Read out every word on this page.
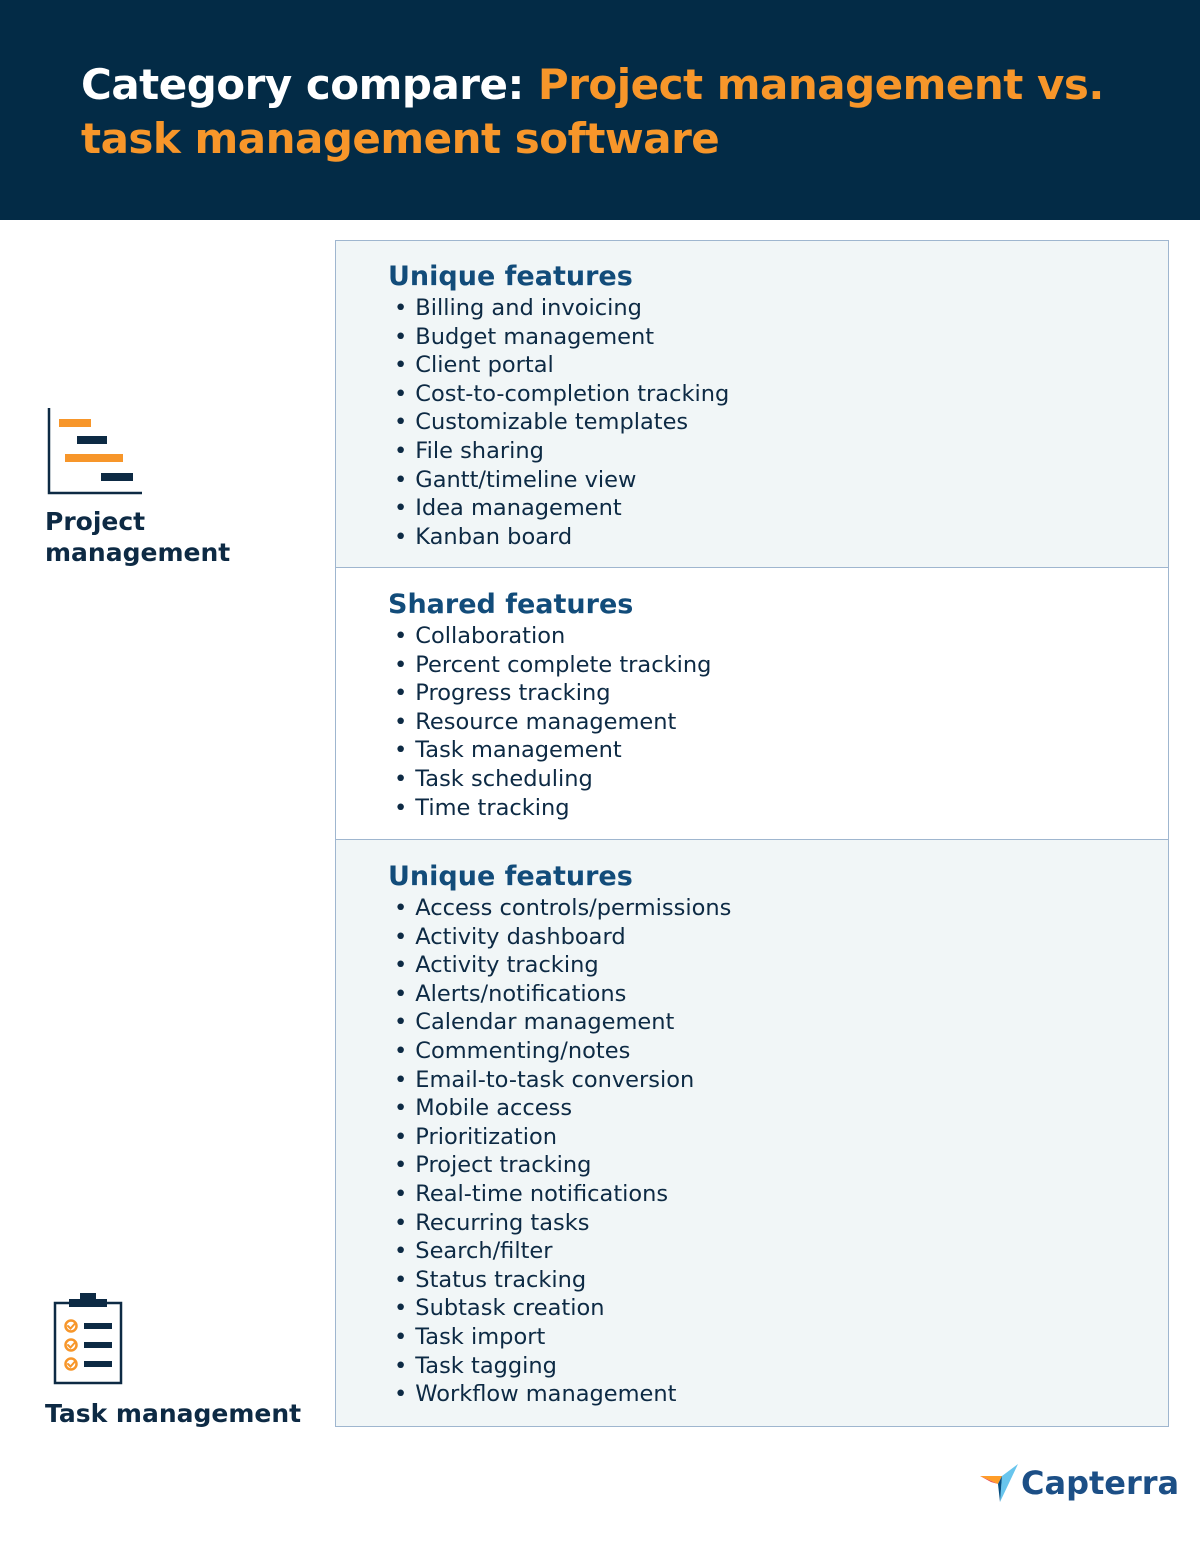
Category compare: Project management vs. task management software
Project management
Task management
Unique features
• Billing and invoicing
• Budget management
• Client portal
• Cost-to-completion tracking
• Customizable templates
• File sharing
• Gantt/timeline view
• Idea management
• Kanban board
Shared features
• Collaboration
• Percent complete tracking
• Progress tracking
• Resource management
• Task management
• Task scheduling
• Time tracking
Unique features
• Access controls/permissions
• Activity dashboard
• Activity tracking
• Alerts/notifications
• Calendar management
• Commenting/notes
• Email-to-task conversion
• Mobile access
• Prioritization
• Project tracking
• Real-time notifications
• Recurring tasks
• Search/filter
• Status tracking
• Subtask creation
• Task import
• Task tagging
• Workflow management
Capterra
